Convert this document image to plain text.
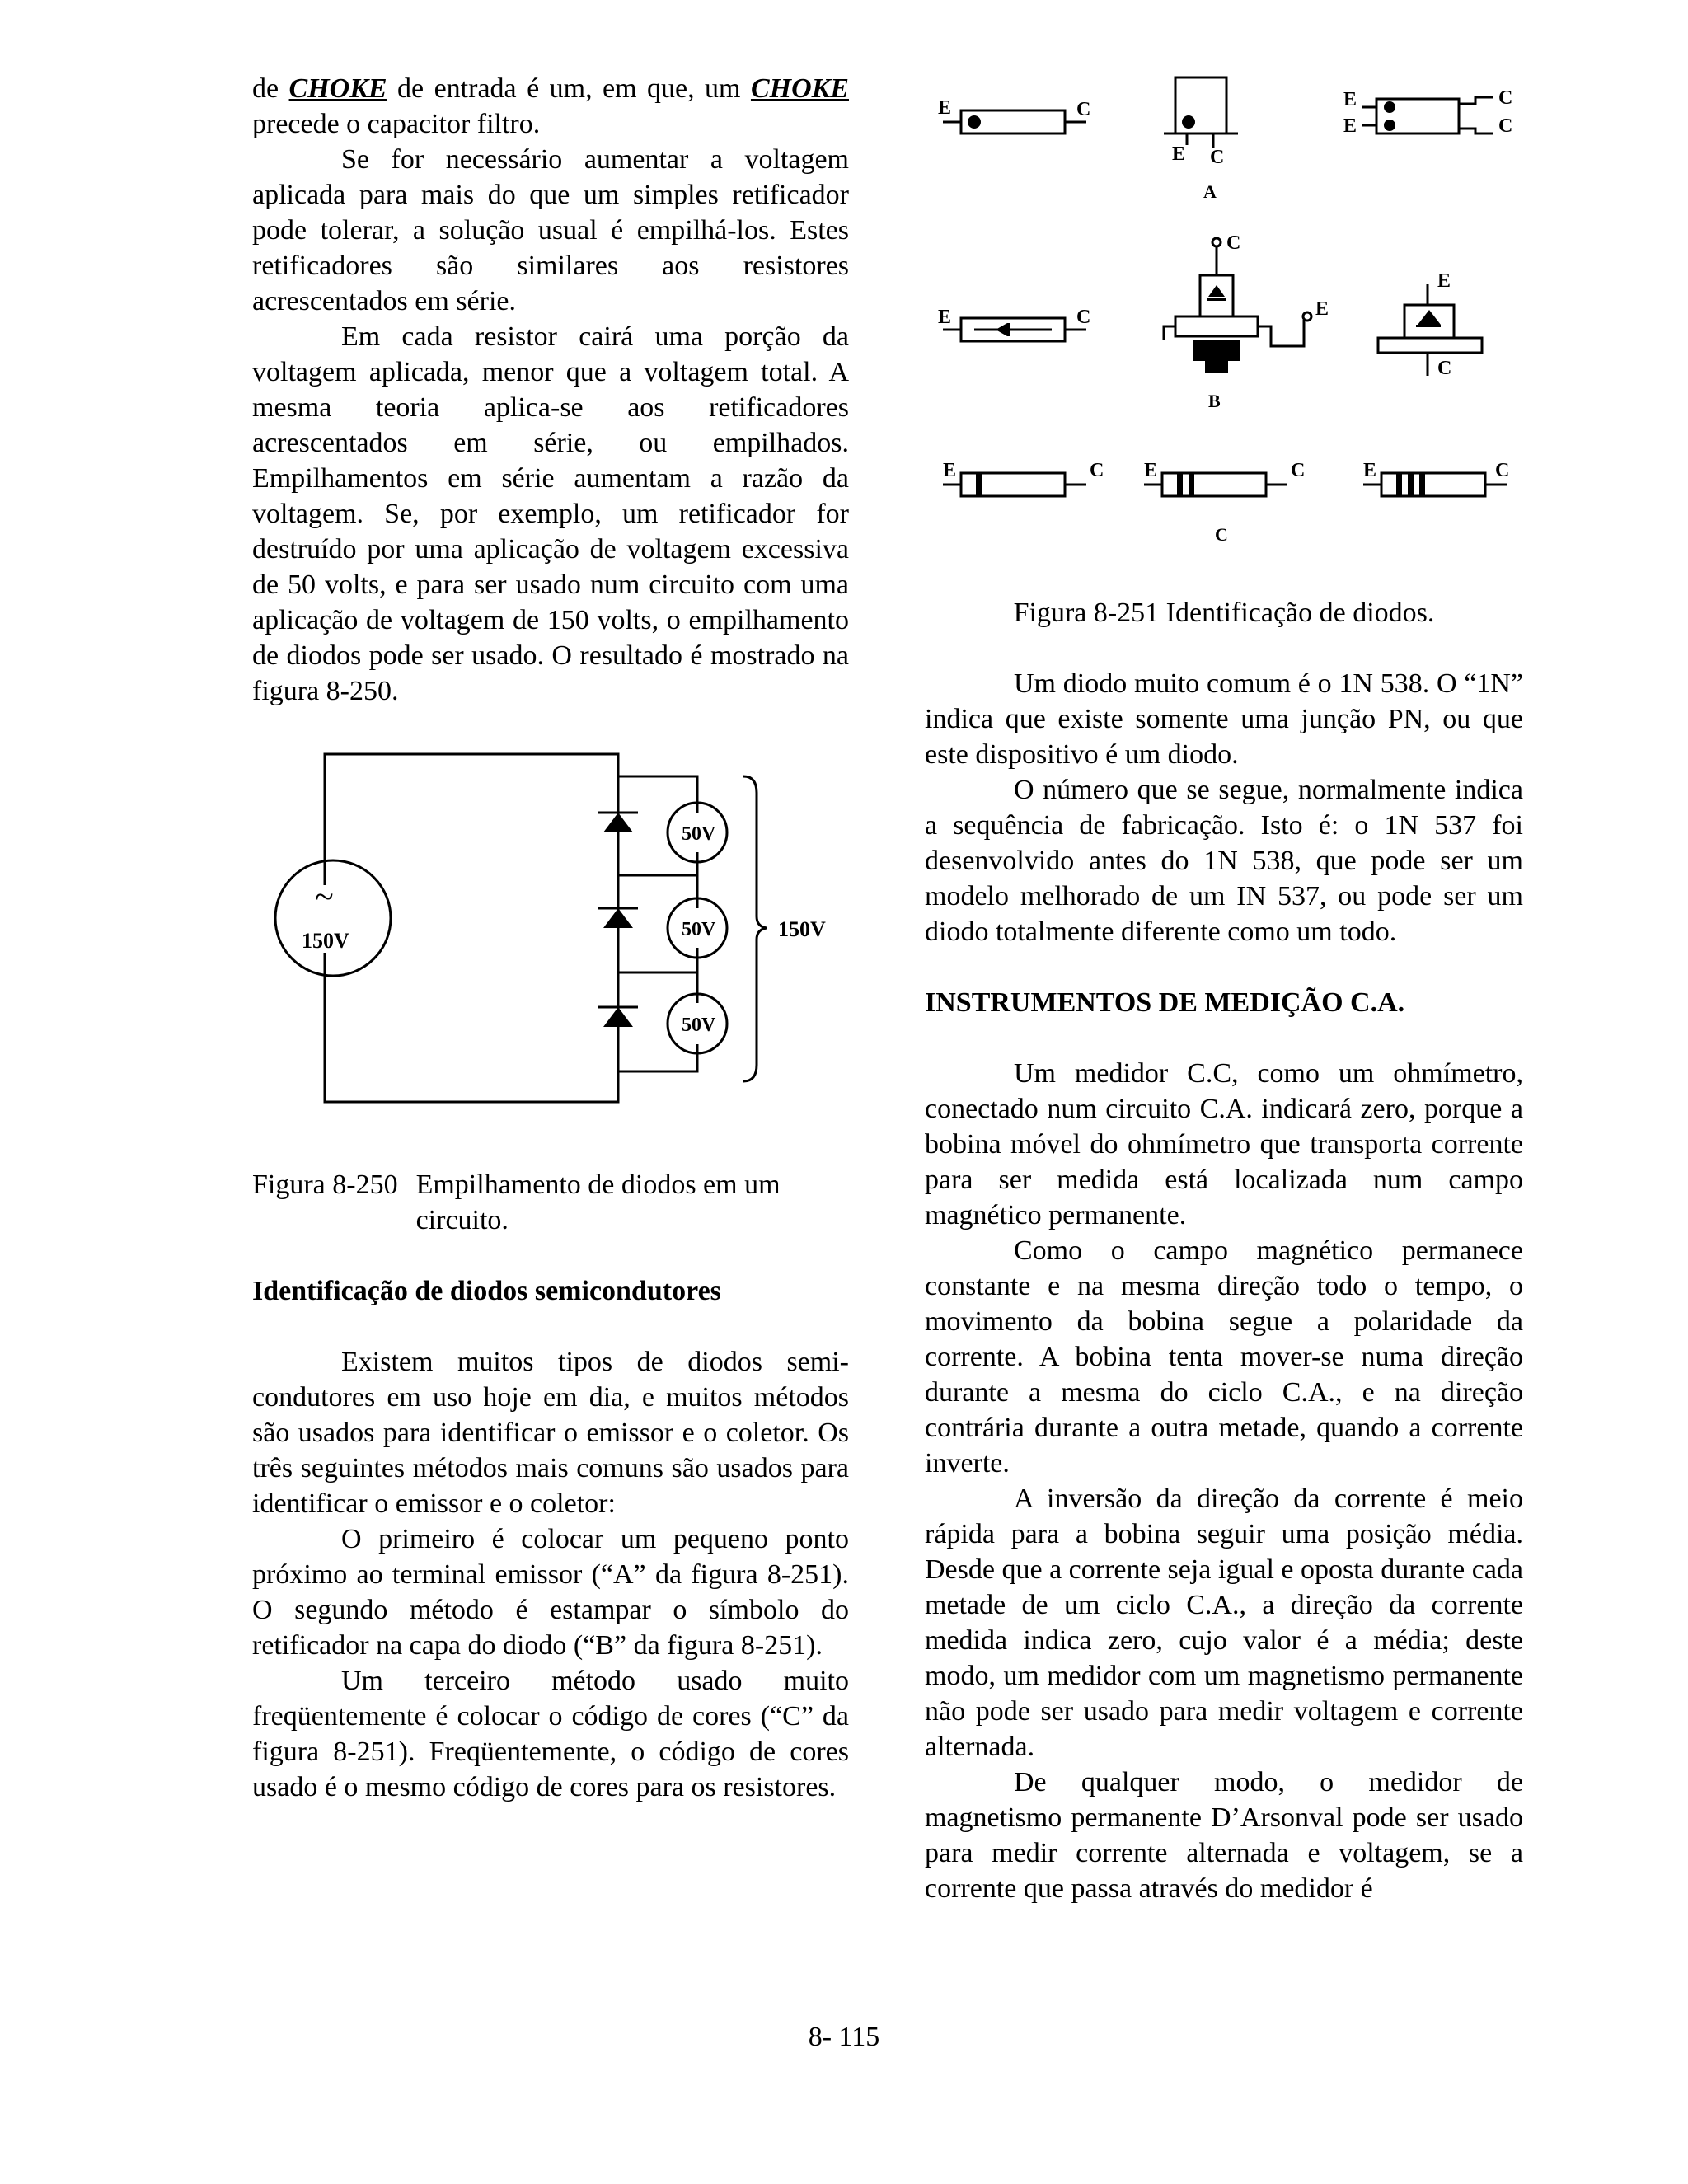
de CHOKE de entrada é um, em que, um CHOKE precede o capacitor filtro.

Se for necessário aumentar a voltagem aplicada para mais do que um simples retificador pode tolerar, a solução usual é empilhá-los. Estes retificadores são similares aos resistores acrescentados em série.

Em cada resistor cairá uma porção da voltagem aplicada, menor que a voltagem total. A mesma teoria aplica-se aos retificadores acrescentados em série, ou empilhados. Empilhamentos em série aumentam a razão da voltagem. Se, por exemplo, um retificador for destruído por uma aplicação de voltagem excessiva de 50 volts, e para ser usado num circuito com uma aplicação de voltagem de 150 volts, o empilhamento de diodos pode ser usado. O resultado é mostrado na figura 8-250.

~
150V
50V
50V
50V
150V
Figura 8-250 Empilhamento de diodos em um circuito.

Identificação de diodos semicondutores

Existem muitos tipos de diodos semi-condutores em uso hoje em dia, e muitos métodos são usados para identificar o emissor e o coletor. Os três seguintes métodos mais comuns são usados para identificar o emissor e o coletor:

O primeiro é colocar um pequeno ponto próximo ao terminal emissor (“A” da figura 8-251). O segundo método é estampar o símbolo do retificador na capa do diodo (“B” da figura 8-251).

Um terceiro método usado muito freqüentemente é colocar o código de cores (“C” da figura 8-251). Freqüentemente, o código de cores usado é o mesmo código de cores para os resistores.

E	C
E C
E
E
C
C
A
E	C
C
E
E
C
B
E	C E	C	E	C
C

Figura 8-251 Identificação de diodos.

Um diodo muito comum é o 1N 538. O “1N” indica que existe somente uma junção PN, ou que este dispositivo é um diodo.

O número que se segue, normalmente indica a sequência de fabricação. Isto é: o 1N 537 foi desenvolvido antes do 1N 538, que pode ser um modelo melhorado de um IN 537, ou pode ser um diodo totalmente diferente como um todo.

INSTRUMENTOS DE MEDIÇÃO C.A.

Um medidor C.C, como um ohmímetro, conectado num circuito C.A. indicará zero, porque a bobina móvel do ohmímetro que transporta corrente para ser medida está localizada num campo magnético permanente.

Como o campo magnético permanece constante e na mesma direção todo o tempo, o movimento da bobina segue a polaridade da corrente. A bobina tenta mover-se numa direção durante a mesma do ciclo C.A., e na direção contrária durante a outra metade, quando a corrente inverte.

A inversão da direção da corrente é meio rápida para a bobina seguir uma posição média. Desde que a corrente seja igual e oposta durante cada metade de um ciclo C.A., a direção da corrente medida indica zero, cujo valor é a média; deste modo, um medidor com um magnetismo permanente não pode ser usado para medir voltagem e corrente alternada.

De qualquer modo, o medidor de magnetismo permanente D’Arsonval pode ser usado para medir corrente alternada e voltagem, se a corrente que passa através do medidor é

8- 115
